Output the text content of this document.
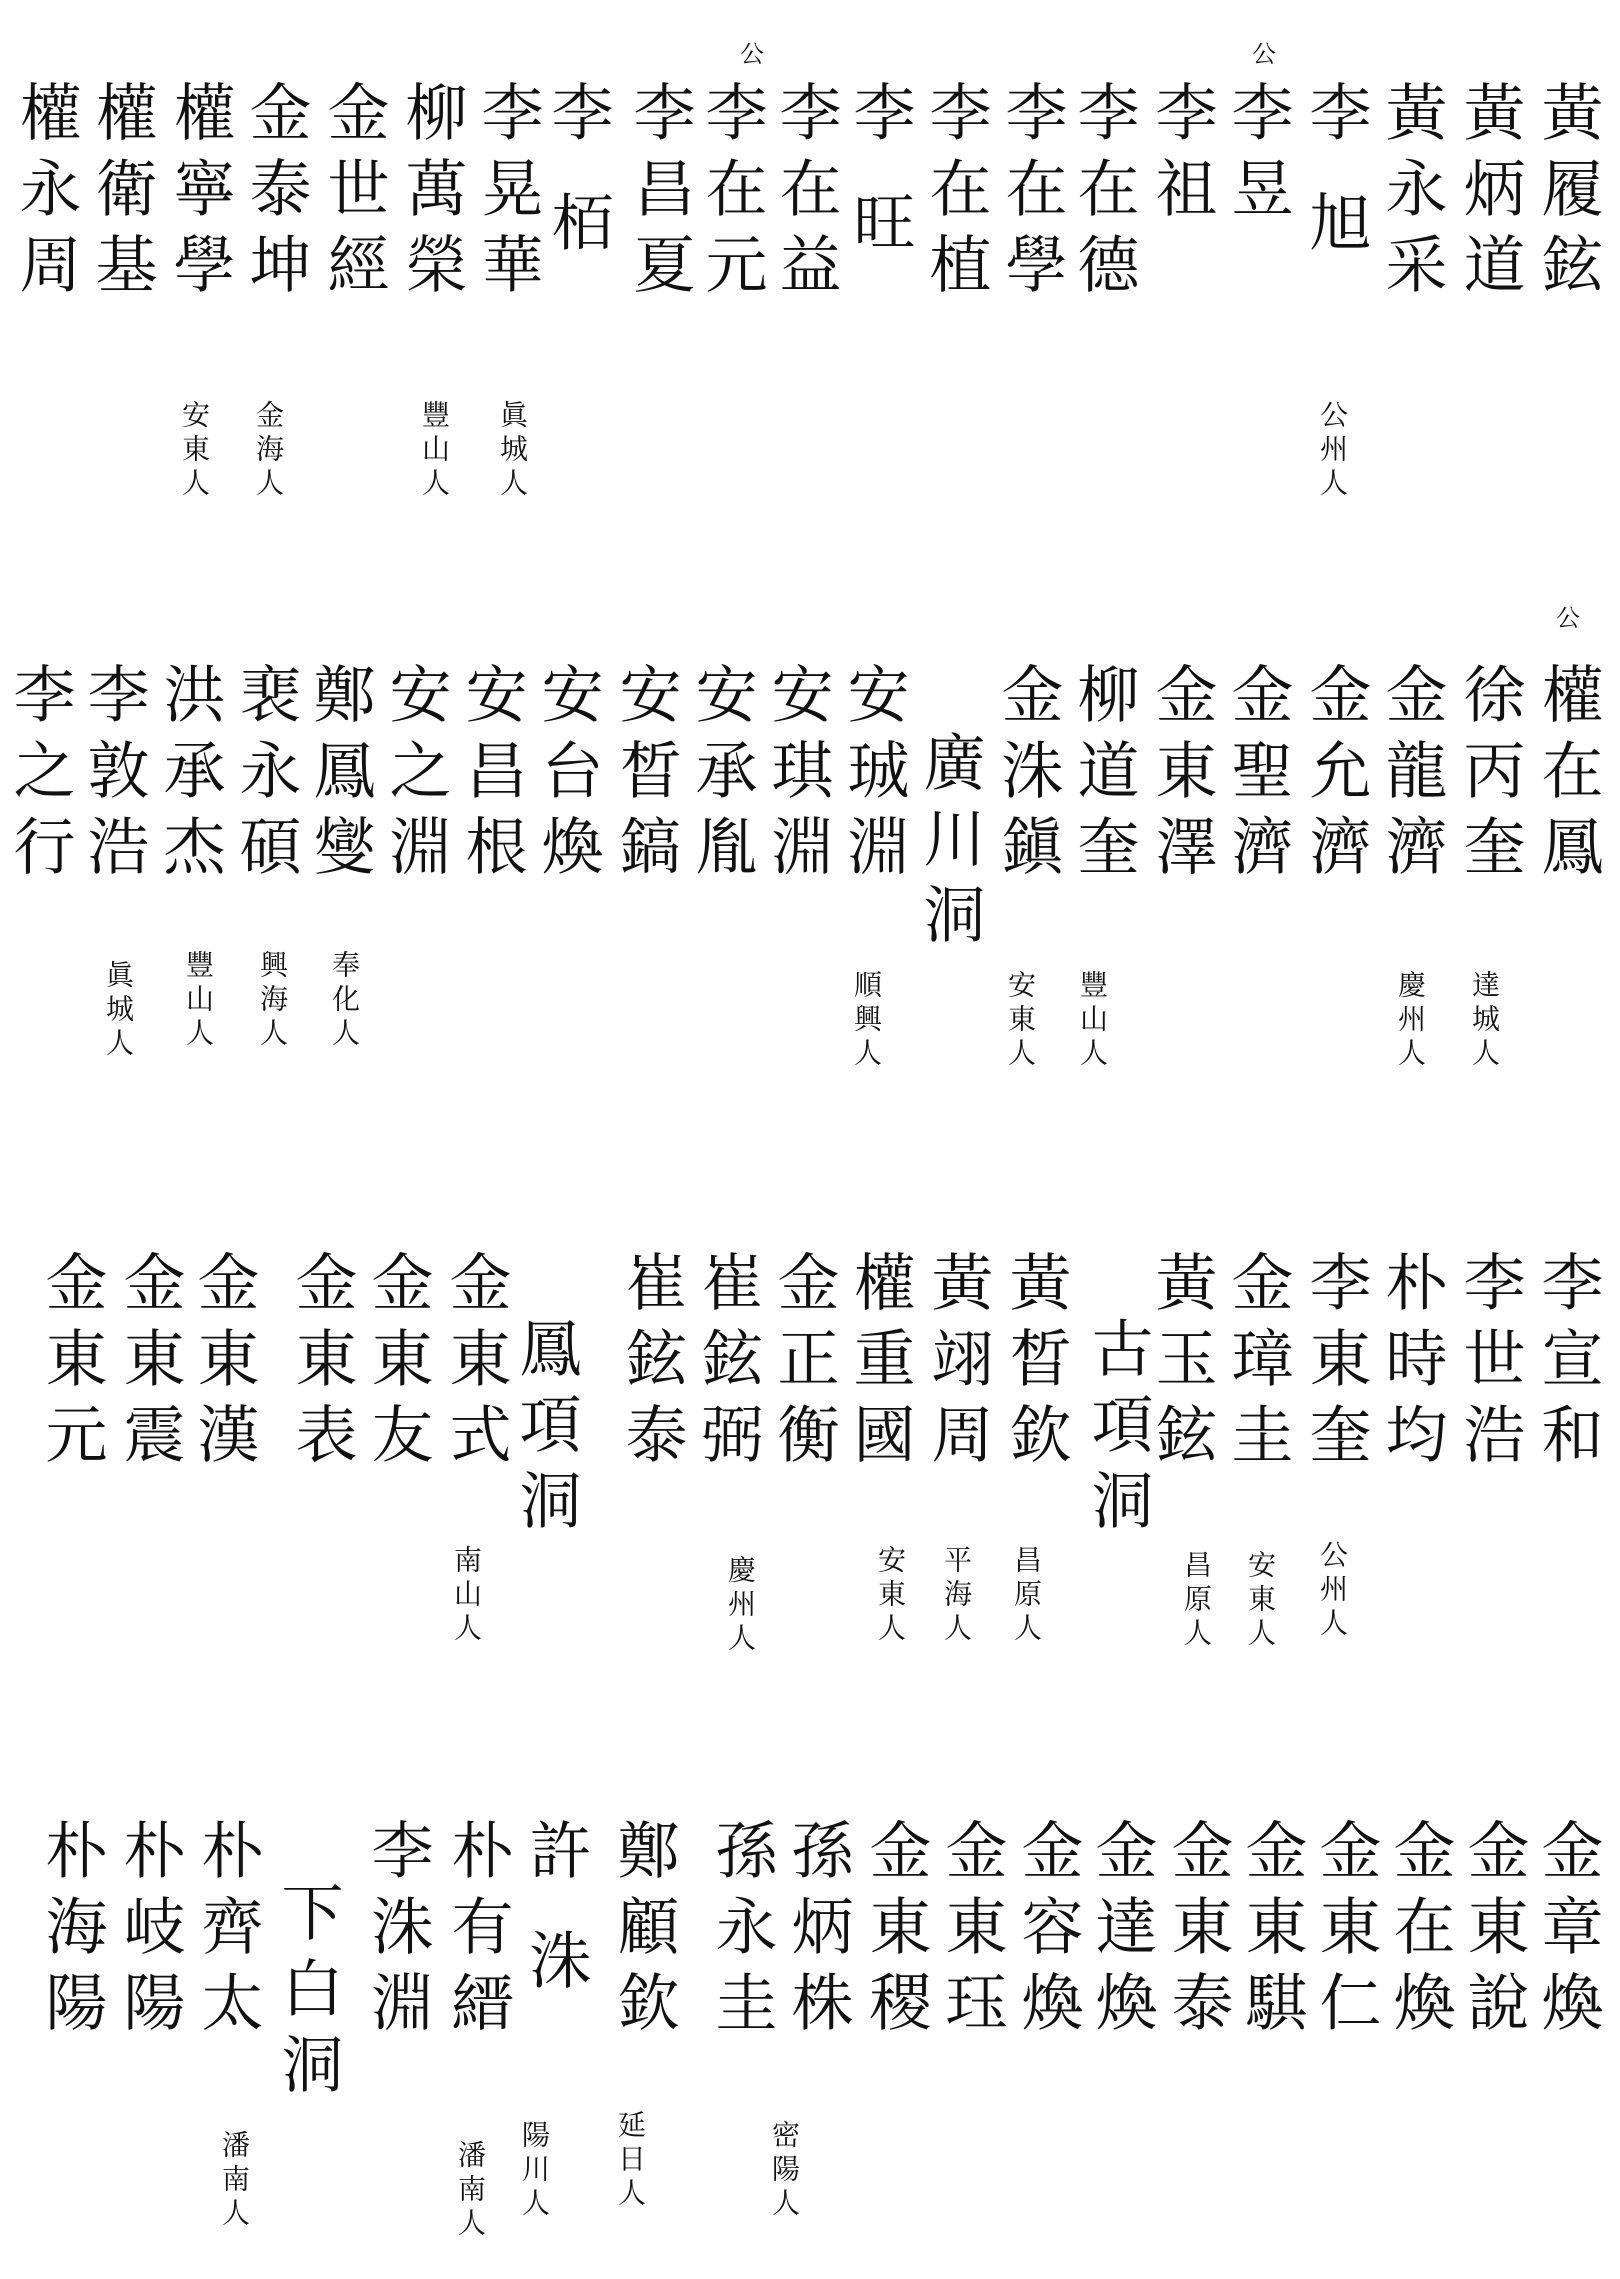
公	公
黃履鉉
黃炳道
黃永采
李 旭
李昱
李祖
李在德
李在學
李在植
李 旺
李在益
李在元
李昌夏
李 栢
李晃華
柳萬榮
金世經
金泰坤
權寧學
權衛基
權永周
公州人
眞城人
豐山人
金海人
安東人
公
權在鳳
徐丙奎
金龍濟
金允濟
金聖濟
金東澤
柳道奎
金洙鎭
廣川洞
安珹淵
安琪淵
安承胤
安晳鎬
安台煥
安昌根
安之淵
鄭鳳燮
裵永碩
洪承杰
李敦浩
李之行
達城人
慶州人
豐山人
安東人
順興人
奉化人
興海人
豐山人
眞城人
李宣和
李世浩
朴時均
李東奎
金璋圭
黃玉鉉
古項洞
黃晳欽
黃翊周
權重國
金正衡
崔鉉弼
崔鉉泰
鳳項洞
金東式
金東友
金東表
金東漢
金東震
金東元
公州人
安東人
昌原人
昌原人
平海人
安東人
慶州人
南山人
金章煥
金東說
金在煥
金東仁
金東騏
金東泰
金達煥
金容煥
金東珏
金東稷
孫炳株
孫永圭
鄭顧欽
許 洙
朴有縉
李洙淵
下白洞
朴齊太
朴岐陽
朴海陽
密陽人
延日人
陽川人
潘南人
潘南人
